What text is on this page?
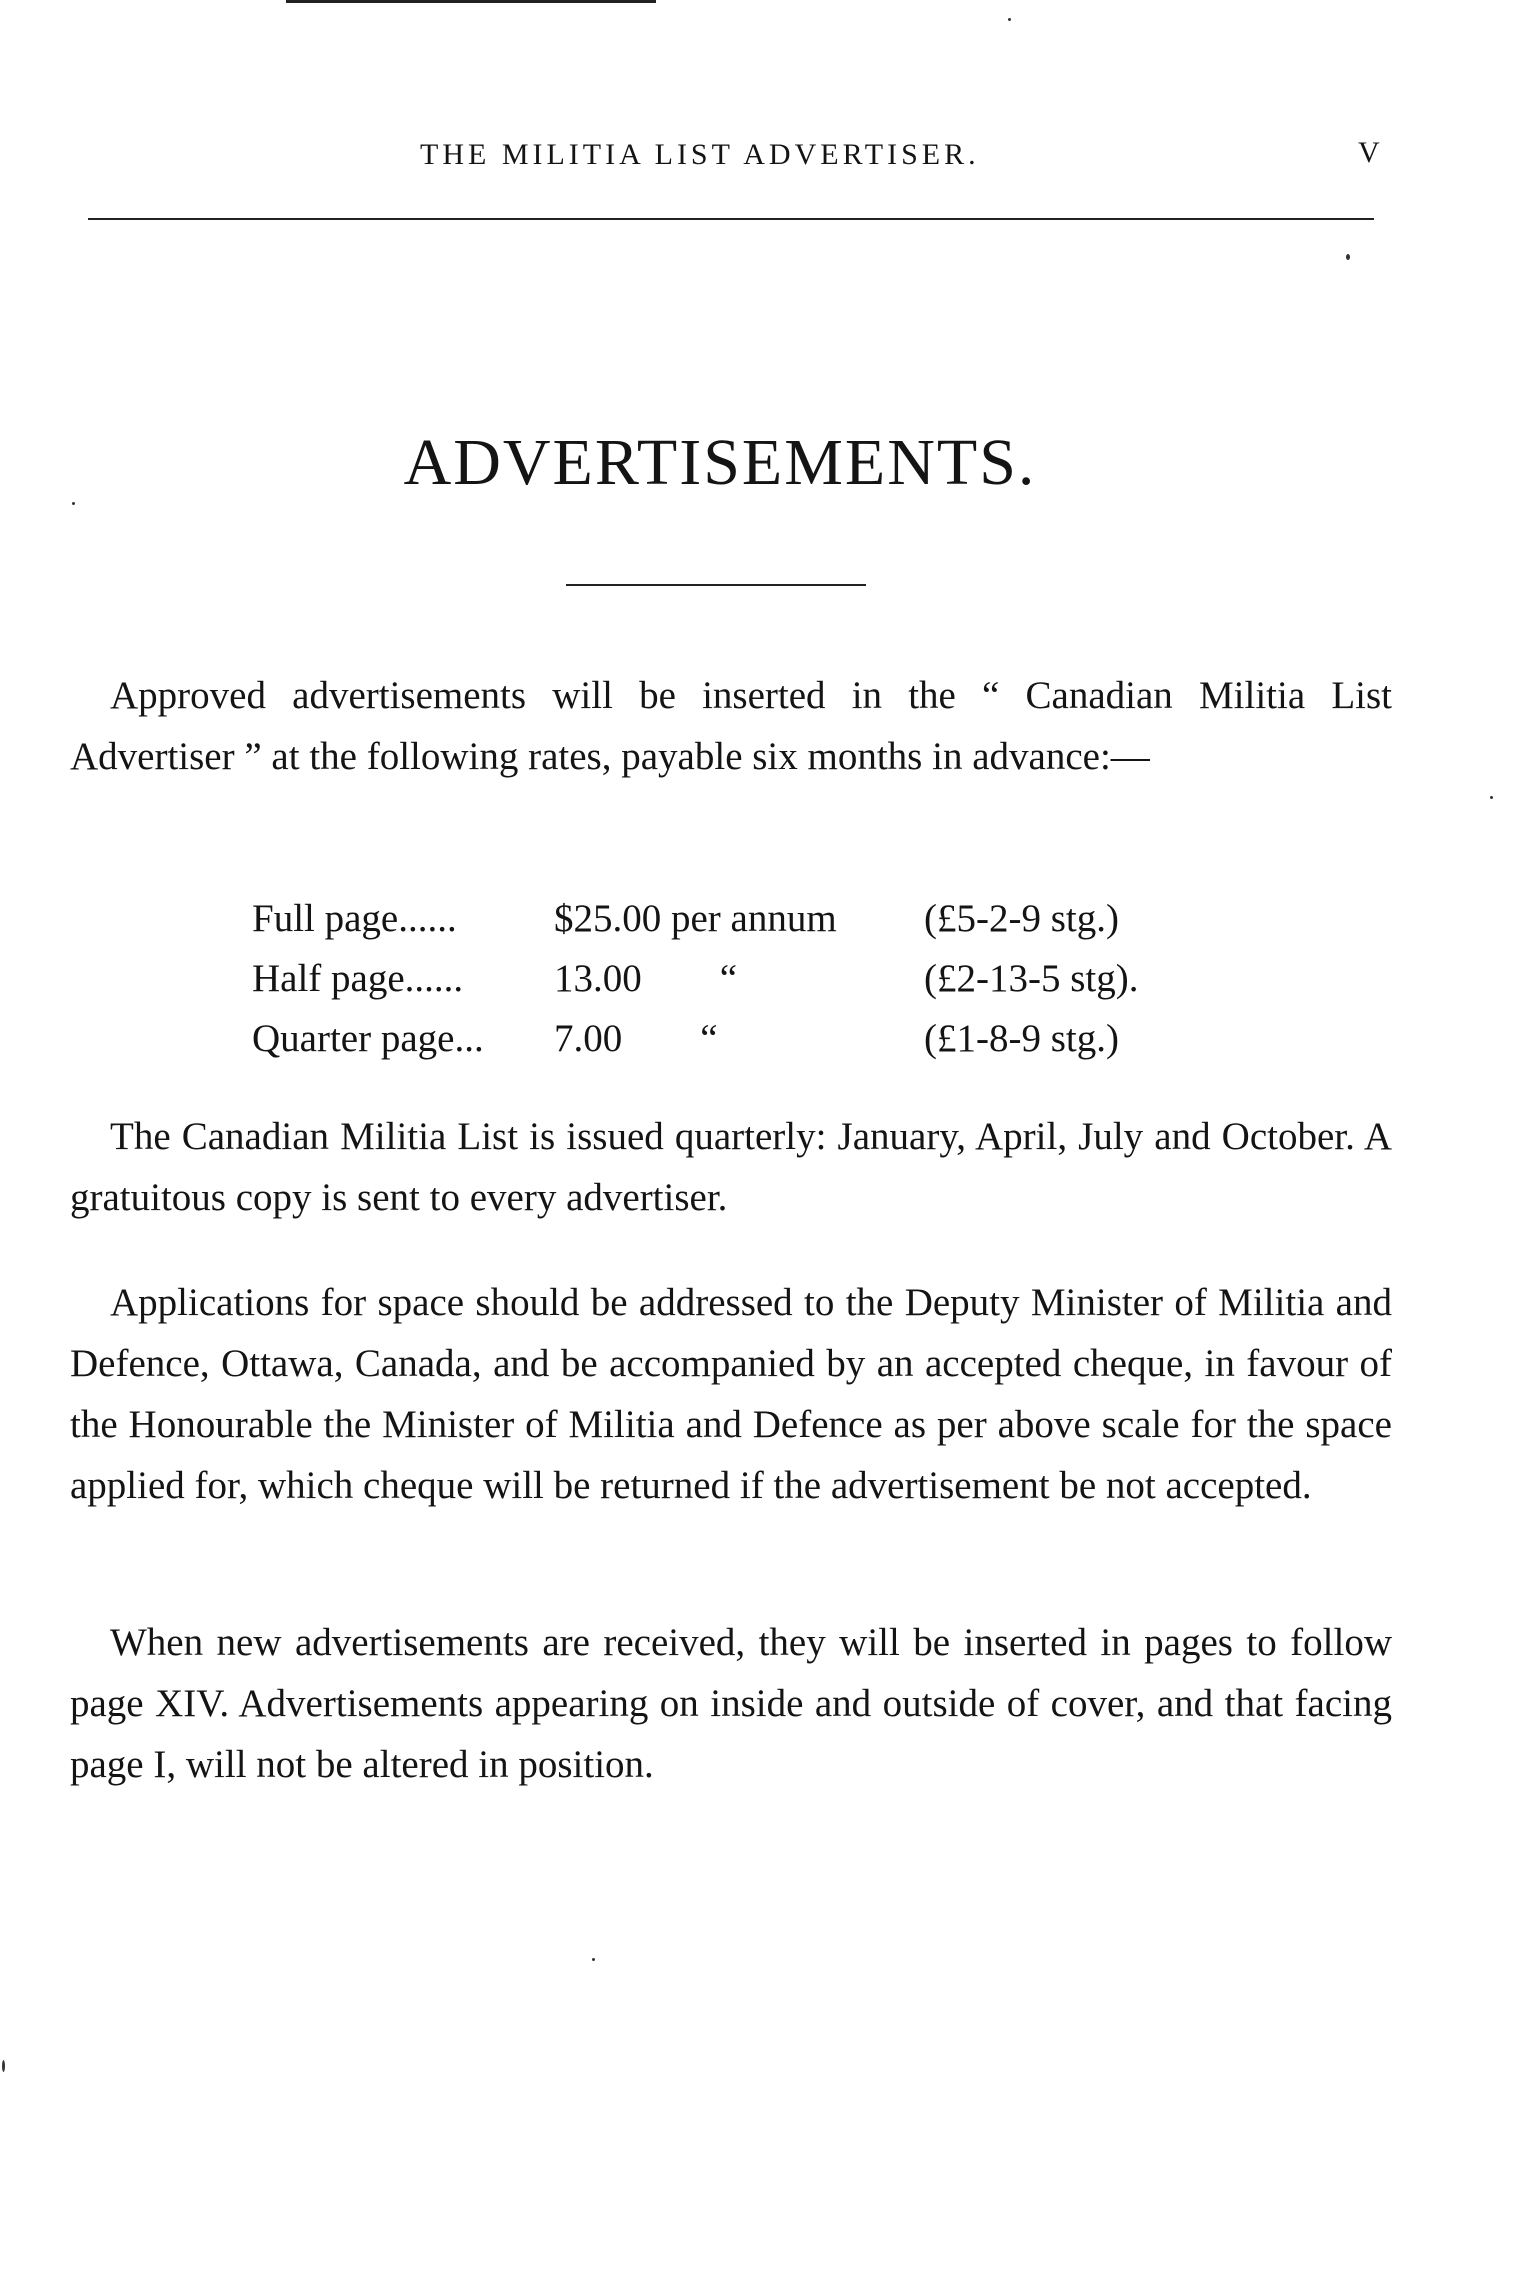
THE MILITIA LIST ADVERTISER.	V
ADVERTISEMENTS.

Approved advertisements will be inserted in the “ Canadian Militia List Advertiser ” at the following rates, payable six months in advance:—

Full page...... $25.00 per annum (£5-2-9 stg.)
Half page...... 13.00        “	(£2-13-5 stg).
Quarter page... 7.00        “	(£1-8-9 stg.)

The Canadian Militia List is issued quarterly: January, April, July and October. A gratuitous copy is sent to every advertiser.

Applications for space should be addressed to the Deputy Minister of Militia and Defence, Ottawa, Canada, and be accompanied by an accepted cheque, in favour of the Honourable the Minister of Militia and Defence as per above scale for the space applied for, which cheque will be returned if the advertisement be not accepted.

When new advertisements are received, they will be inserted in pages to follow page XIV. Advertisements appearing on inside and outside of cover, and that facing page I, will not be altered in position.
